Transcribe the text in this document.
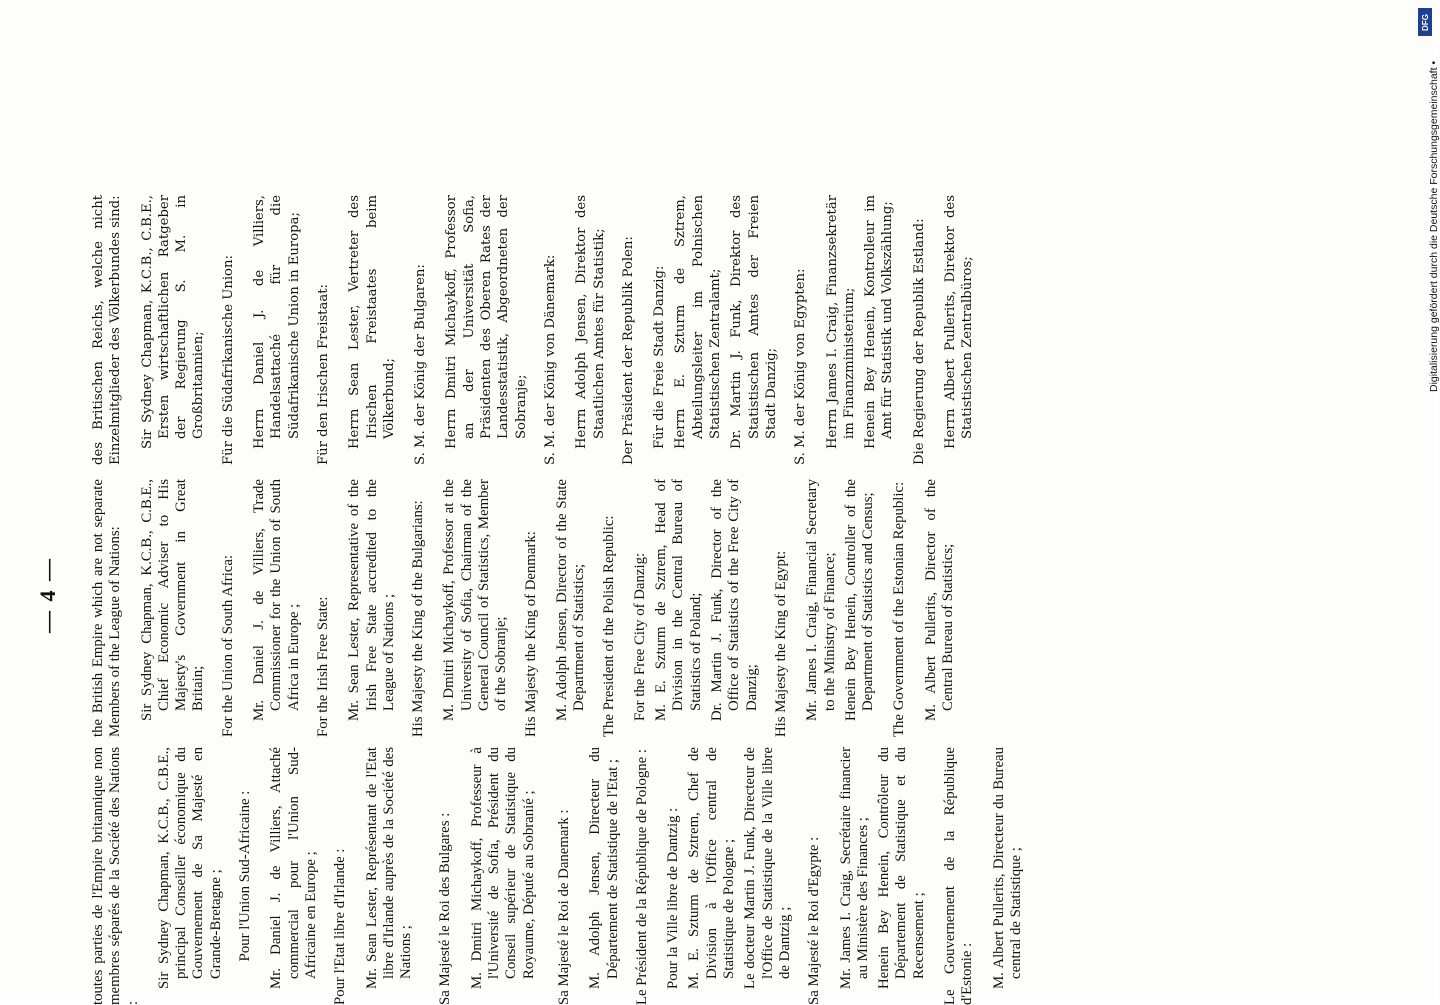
— 4 —

toutes parties de l'Empire britannique non membres séparés de la Société des Nations :

Sir Sydney Chapman, K.C.B., C.B.E., principal Conseiller économique du Gouvernement de Sa Majesté en Grande-Bretagne ; Pour l'Union Sud-Africaine : Mr. Daniel J. de Villiers, Attaché commercial pour l'Union Sud-Africaine en Europe ; Pour l'Etat libre d'Irlande : Mr. Sean Lester, Représentant de l'Etat libre d'Irlande auprès de la Société des Nations ; Sa Majesté le Roi des Bulgares : M. Dmitri Michaykoff, Professeur à l'Université de Sofia, Président du Conseil supérieur de Statistique du Royaume, Député au Sobranié ; Sa Majesté le Roi de Danemark : M. Adolph Jensen, Directeur du Département de Statistique de l'Etat ; Le Président de la République de Pologne : Pour la Ville libre de Dantzig : M. E. Szturm de Sztrem, Chef de Division à l'Office central de Statistique de Pologne ; Le docteur Martin J. Funk, Directeur de l'Office de Statistique de la Ville libre de Dantzig ; Sa Majesté le Roi d'Egypte : Mr. James I. Craig, Secrétaire financier au Ministère des Finances ; Henein Bey Henein, Contrôleur du Département de Statistique et du Recensement ; Le Gouvernement de la République d'Estonie : M. Albert Pullerits, Directeur du Bureau central de Statistique ;

the British Empire which are not separate Members of the League of Nations: Sir Sydney Chapman, K.C.B., C.B.E., Chief Economic Adviser to His Majesty's Government in Great Britain; For the Union of South Africa: Mr. Daniel J. de Villiers, Trade Commissioner for the Union of South Africa in Europe ; For the Irish Free State: Mr. Sean Lester, Representative of the Irish Free State accredited to the League of Nations ; His Majesty the King of the Bulgarians: M. Dmitri Michaykoff, Professor at the University of Sofia, Chairman of the General Council of Statistics, Member of the Sobranje; His Majesty the King of Denmark: M. Adolph Jensen, Director of the State Department of Statistics; The President of the Polish Republic: For the Free City of Danzig: M. E. Szturm de Sztrem, Head of Division in the Central Bureau of Statistics of Poland; Dr. Martin J. Funk, Director of the Office of Statistics of the Free City of Danzig; His Majesty the King of Egypt: Mr. James I. Craig, Financial Secretary to the Ministry of Finance; Henein Bey Henein, Controller of the Department of Statistics and Census; The Government of the Estonian Republic: M. Albert Pullerits, Director of the Central Bureau of Statistics;

des Britischen Reichs, welche nicht Einzelmitglieder des Völkerbundes sind: Sir Sydney Chapman, K.C.B., C.B.E., Ersten wirtschaftlichen Ratgeber der Regierung S. M. in Großbritannien; Für die Südafrikanische Union: Herrn Daniel J. de Villiers, Handelsattaché für die Südafrikanische Union in Europa; Für den Irischen Freistaat: Herrn Sean Lester, Vertreter des Irischen Freistaates beim Völkerbund; S. M. der König der Bulgaren: Herrn Dmitri Michaykoff, Professor an der Universität Sofia, Präsidenten des Oberen Rates der Landesstatistik, Abgeordneten der Sobranje; S. M. der König von Dänemark: Herrn Adolph Jensen, Direktor des Staatlichen Amtes für Statistik; Der Präsident der Republik Polen: Für die Freie Stadt Danzig: Herrn E. Szturm de Sztrem, Abteilungsleiter im Polnischen Statistischen Zentralamt; Dr. Martin J. Funk, Direktor des Statistischen Amtes der Freien Stadt Danzig; S. M. der König von Egypten: Herrn James I. Craig, Finanzsekretär im Finanzministerium; Henein Bey Henein, Kontrolleur im Amt für Statistik und Volkszählung; Die Regierung der Republik Estland: Herrn Albert Pullerits, Direktor des Statistischen Zentralbüros;

DFG
Digitalisierung gefördert durch die Deutsche Forschungsgemeinschaft •
